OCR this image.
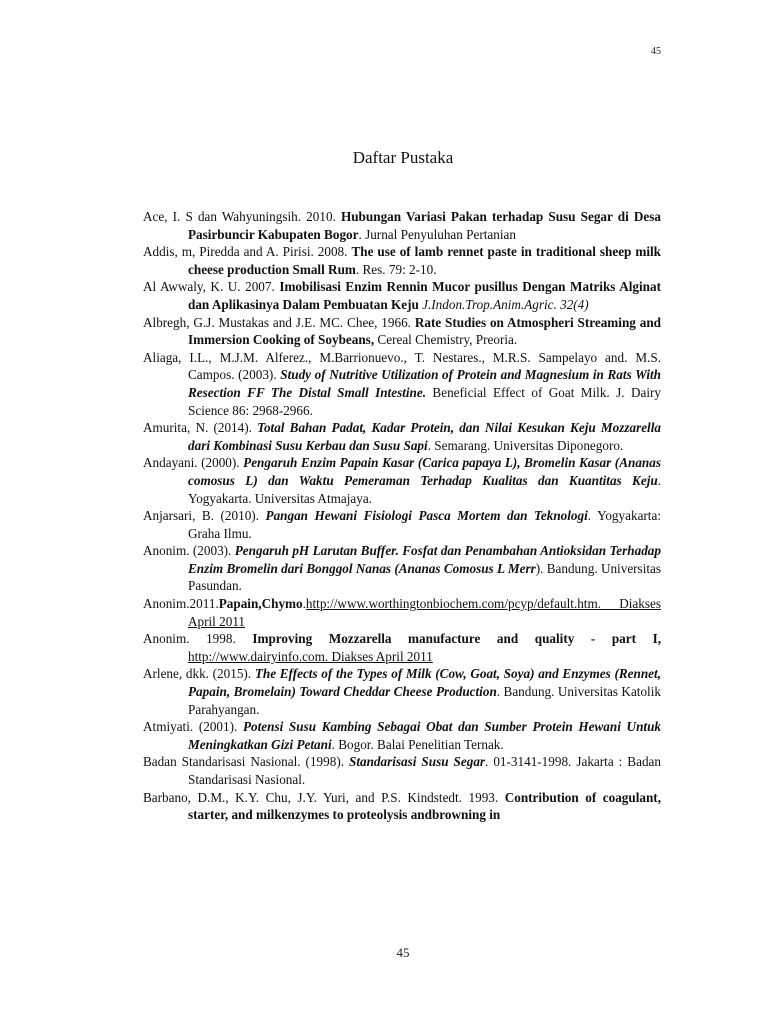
45
Daftar Pustaka

Ace, I. S dan Wahyuningsih. 2010. Hubungan Variasi Pakan terhadap Susu Segar di Desa Pasirbuncir Kabupaten Bogor. Jurnal Penyuluhan Pertanian

Addis, m, Piredda and A. Pirisi. 2008. The use of lamb rennet paste in traditional sheep milk cheese production Small Rum. Res. 79: 2-10.

Al Awwaly, K. U. 2007. Imobilisasi Enzim Rennin Mucor pusillus Dengan Matriks Alginat dan Aplikasinya Dalam Pembuatan Keju J.Indon.Trop.Anim.Agric. 32(4)

Albregh, G.J. Mustakas and J.E. MC. Chee, 1966. Rate Studies on Atmospheri Streaming and Immersion Cooking of Soybeans, Cereal Chemistry, Preoria.

Aliaga, I.L., M.J.M. Alferez., M.Barrionuevo., T. Nestares., M.R.S. Sampelayo and. M.S. Campos. (2003). Study of Nutritive Utilization of Protein and Magnesium in Rats With Resection FF The Distal Small Intestine. Beneficial Effect of Goat Milk. J. Dairy Science 86: 2968-2966.

Amurita, N. (2014). Total Bahan Padat, Kadar Protein, dan Nilai Kesukan Keju Mozzarella dari Kombinasi Susu Kerbau dan Susu Sapi. Semarang. Universitas Diponegoro.

Andayani. (2000). Pengaruh Enzim Papain Kasar (Carica papaya L), Bromelin Kasar (Ananas comosus L) dan Waktu Pemeraman Terhadap Kualitas dan Kuantitas Keju. Yogyakarta. Universitas Atmajaya.

Anjarsari, B. (2010). Pangan Hewani Fisiologi Pasca Mortem dan Teknologi. Yogyakarta: Graha Ilmu.

Anonim. (2003). Pengaruh pH Larutan Buffer. Fosfat dan Penambahan Antioksidan Terhadap Enzim Bromelin dari Bonggol Nanas (Ananas Comosus L Merr). Bandung. Universitas Pasundan.

Anonim.2011.Papain,Chymo.http://www.worthingtonbiochem.com/pcyp/default.htm. Diakses April 2011

Anonim. 1998. Improving Mozzarella manufacture and quality - part I, http://www.dairyinfo.com. Diakses April 2011

Arlene, dkk. (2015). The Effects of the Types of Milk (Cow, Goat, Soya) and Enzymes (Rennet, Papain, Bromelain) Toward Cheddar Cheese Production. Bandung. Universitas Katolik Parahyangan.

Atmiyati. (2001). Potensi Susu Kambing Sebagai Obat dan Sumber Protein Hewani Untuk Meningkatkan Gizi Petani. Bogor. Balai Penelitian Ternak.

Badan Standarisasi Nasional. (1998). Standarisasi Susu Segar. 01-3141-1998. Jakarta : Badan Standarisasi Nasional.

Barbano, D.M., K.Y. Chu, J.Y. Yuri, and P.S. Kindstedt. 1993. Contribution of coagulant, starter, and milkenzymes to proteolysis andbrowning in

45
